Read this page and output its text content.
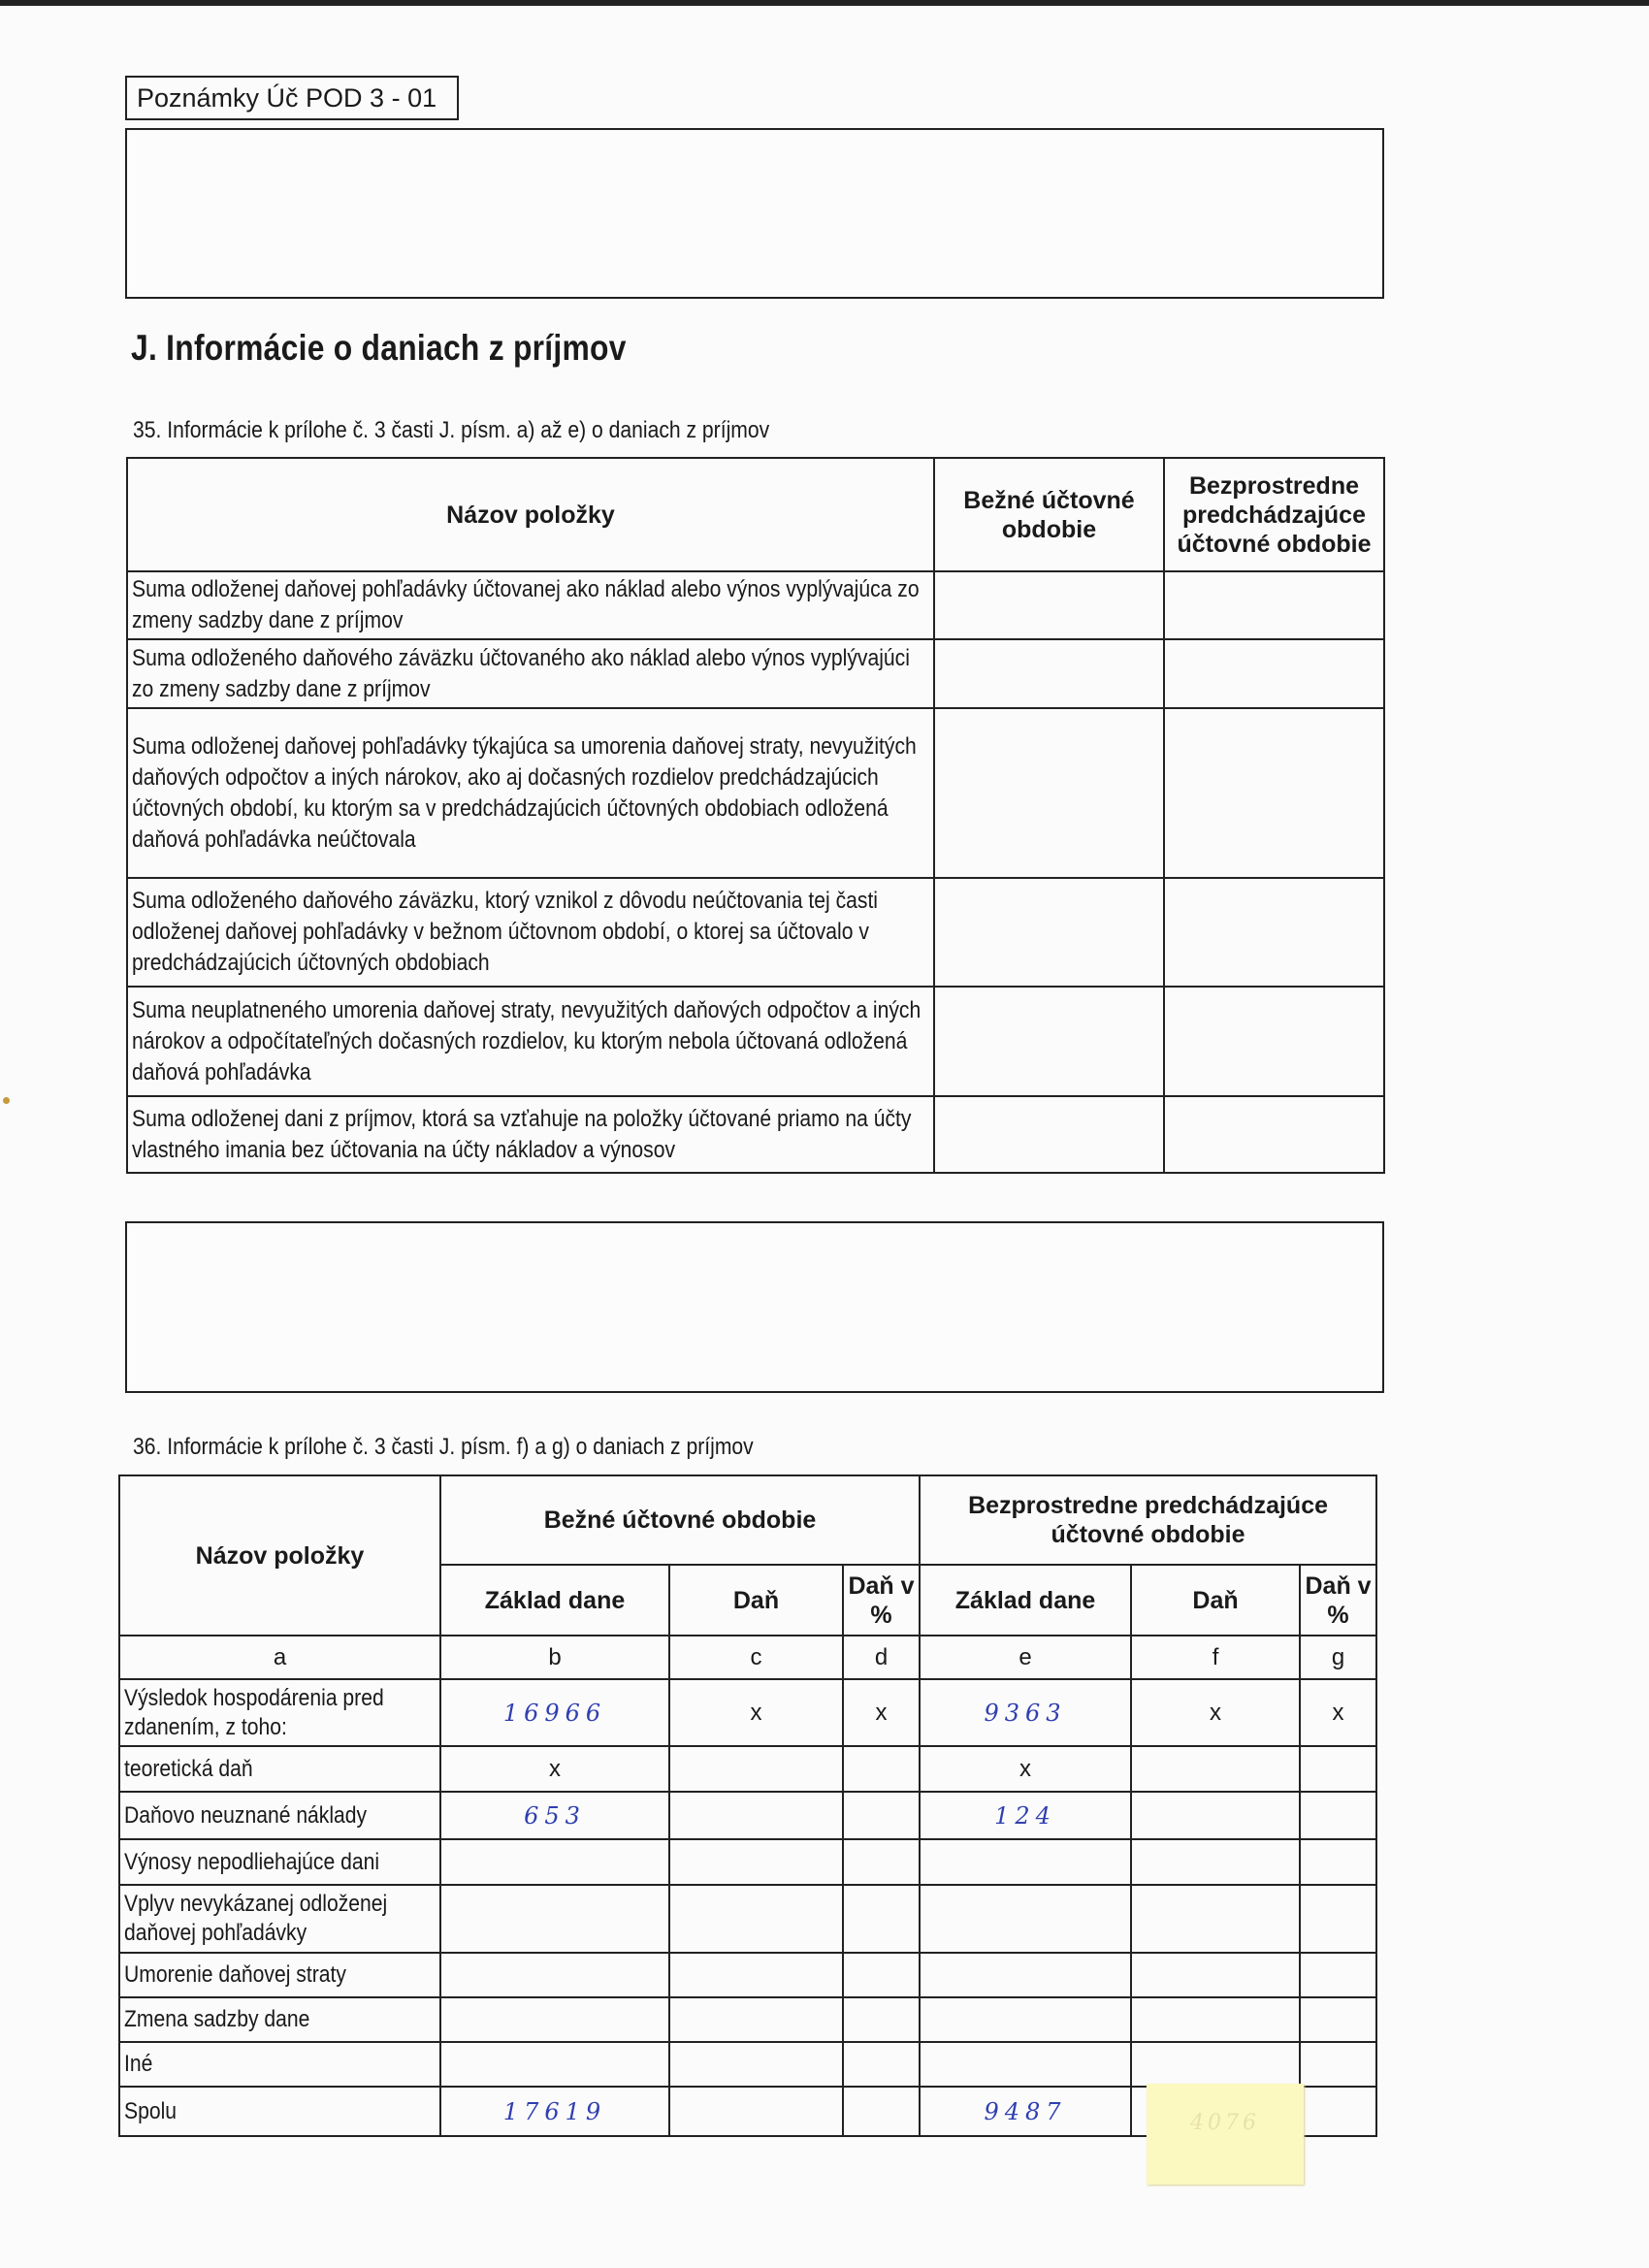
Poznámky Úč POD 3 - 01
J. Informácie o daniach z príjmov
35. Informácie k prílohe č. 3 časti J. písm. a) až e) o daniach z príjmov
Názov položky	Bežné účtovné obdobie	Bezprostredne predchádzajúce účtovné obdobie
Suma odloženej daňovej pohľadávky účtovanej ako náklad alebo výnos vyplývajúca zo zmeny sadzby dane z príjmov		
Suma odloženého daňového záväzku účtovaného ako náklad alebo výnos vyplývajúci zo zmeny sadzby dane z príjmov		
Suma odloženej daňovej pohľadávky týkajúca sa umorenia daňovej straty, nevyužitých daňových odpočtov a iných nárokov, ako aj dočasných rozdielov predchádzajúcich účtovných období, ku ktorým sa v predchádzajúcich účtovných obdobiach odložená daňová pohľadávka neúčtovala		
Suma odloženého daňového záväzku, ktorý vznikol z dôvodu neúčtovania tej časti odloženej daňovej pohľadávky v bežnom účtovnom období, o ktorej sa účtovalo v predchádzajúcich účtovných obdobiach		
Suma neuplatneného umorenia daňovej straty, nevyužitých daňových odpočtov a iných nárokov a odpočítateľných dočasných rozdielov, ku ktorým nebola účtovaná odložená daňová pohľadávka		
Suma odloženej dani z príjmov, ktorá sa vzťahuje na položky účtované priamo na účty vlastného imania bez účtovania na účty nákladov a výnosov		
36. Informácie k prílohe č. 3 časti J. písm. f) a g) o daniach z príjmov
Názov položky	Bežné účtovné obdobie			Bezprostredne predchádzajúce účtovné obdobie		
	Základ dane	Daň	Daň v %	Základ dane	Daň	Daň v %
a	b	c	d	e	f	g
Výsledok hospodárenia pred zdanením, z toho:	16966	x	x	9363	x	x
teoretická daň	x			x		
Daňovo neuznané náklady	653			124		
Výnosy nepodliehajúce dani						
Vplyv nevykázanej odloženej daňovej pohľadávky						
Umorenie daňovej straty						
Zmena sadzby dane						
Iné						
Spolu	17619			9487			4076
